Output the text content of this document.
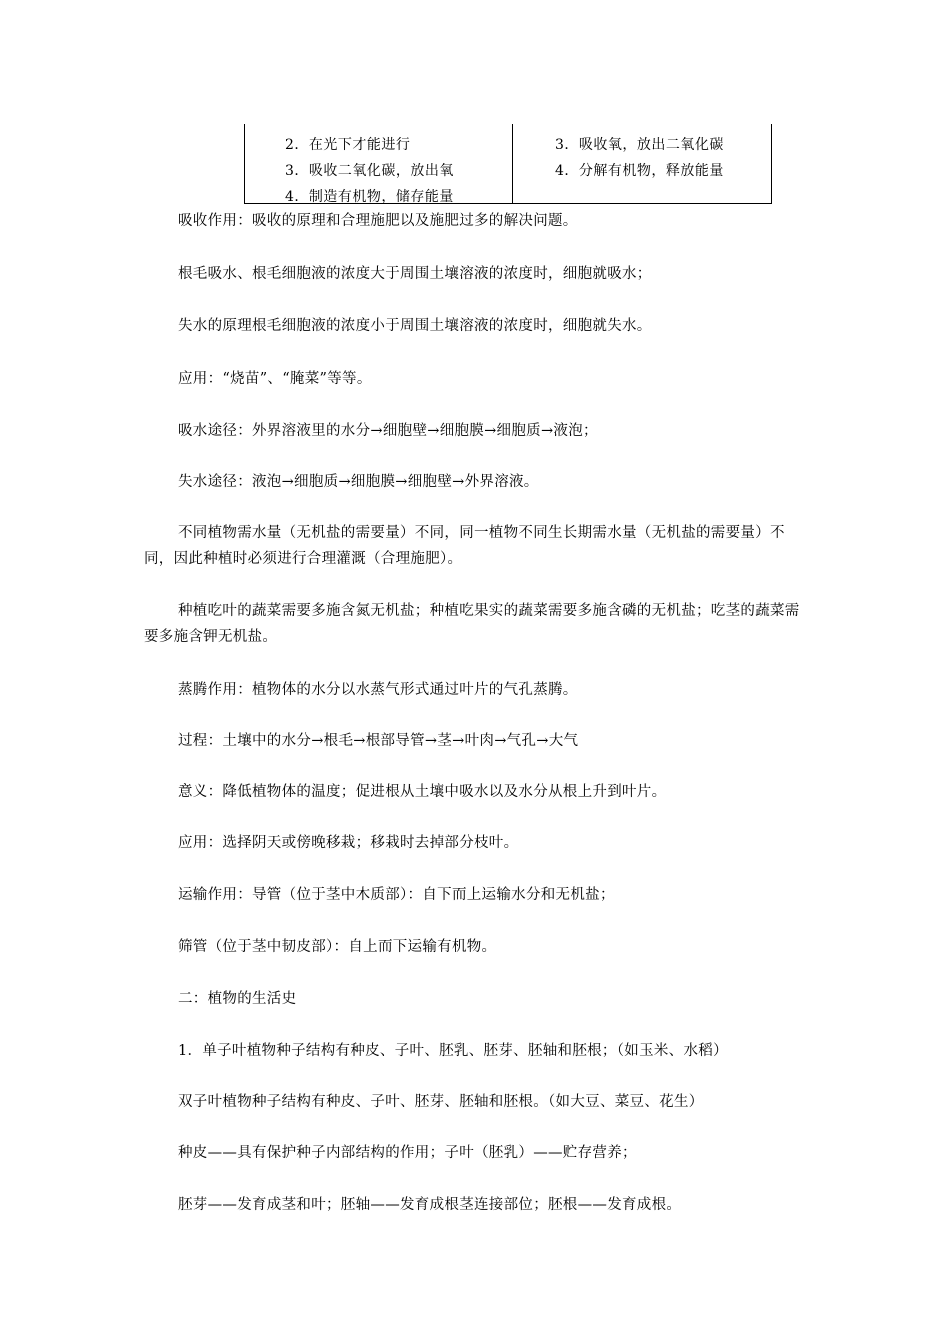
2．在光下才能进行
3．吸收二氧化碳，放出氧
4．制造有机物，储存能量
3．吸收氧，放出二氧化碳
4．分解有机物，释放能量

吸收作用：吸收的原理和合理施肥以及施肥过多的解决问题。

根毛吸水、根毛细胞液的浓度大于周围土壤溶液的浓度时，细胞就吸水；

失水的原理根毛细胞液的浓度小于周围土壤溶液的浓度时，细胞就失水。

应用：“烧苗”、“腌菜”等等。

吸水途径：外界溶液里的水分→细胞壁→细胞膜→细胞质→液泡；

失水途径：液泡→细胞质→细胞膜→细胞壁→外界溶液。

不同植物需水量（无机盐的需要量）不同，同一植物不同生长期需水量（无机盐的需要量）不同，因此种植时必须进行合理灌溉（合理施肥）。

种植吃叶的蔬菜需要多施含氮无机盐；种植吃果实的蔬菜需要多施含磷的无机盐；吃茎的蔬菜需要多施含钾无机盐。

蒸腾作用：植物体的水分以水蒸气形式通过叶片的气孔蒸腾。

过程：土壤中的水分→根毛→根部导管→茎→叶肉→气孔→大气

意义：降低植物体的温度；促进根从土壤中吸水以及水分从根上升到叶片。

应用：选择阴天或傍晚移栽；移栽时去掉部分枝叶。

运输作用：导管（位于茎中木质部）：自下而上运输水分和无机盐；

筛管（位于茎中韧皮部）：自上而下运输有机物。

二：植物的生活史

1．单子叶植物种子结构有种皮、子叶、胚乳、胚芽、胚轴和胚根；（如玉米、水稻）

双子叶植物种子结构有种皮、子叶、胚芽、胚轴和胚根。（如大豆、菜豆、花生）

种皮——具有保护种子内部结构的作用；子叶（胚乳）——贮存营养；

胚芽——发育成茎和叶；胚轴——发育成根茎连接部位；胚根——发育成根。
